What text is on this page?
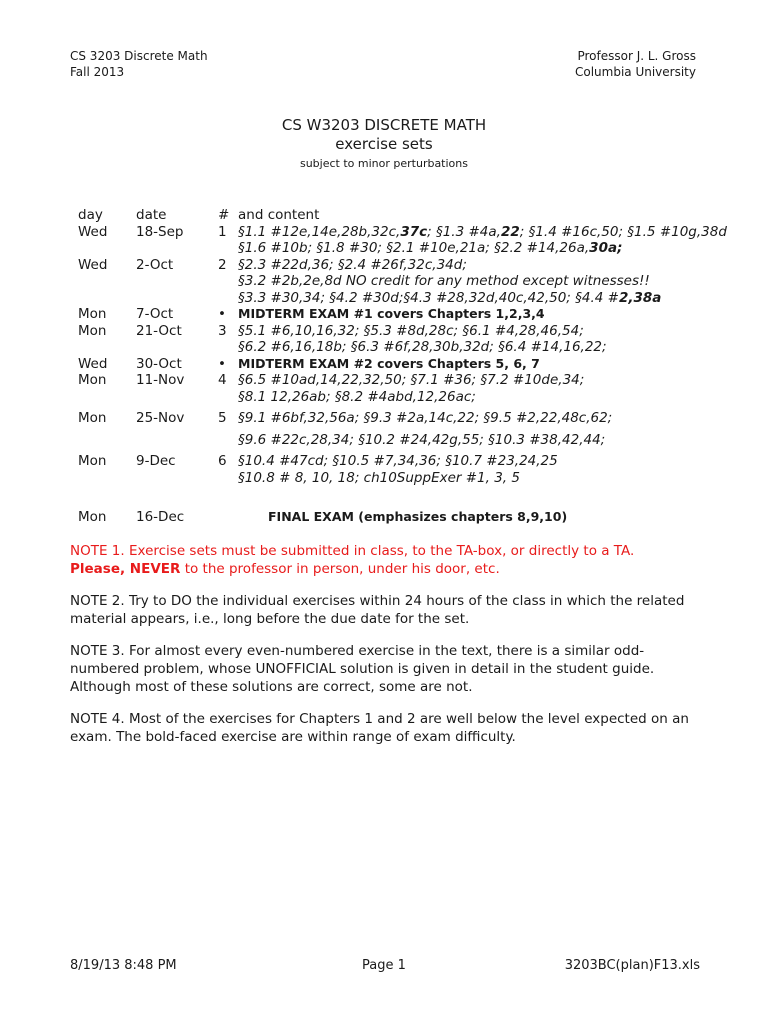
CS 3203 Discrete Math
Fall 2013
Professor J. L. Gross
Columbia University
CS W3203 DISCRETE MATH
exercise sets
subject to minor perturbations
day	date	# and content
Wed	18-Sep	1 §1.1 #12e,14e,28b,32c,37c; §1.3 #4a,22; §1.4 #16c,50; §1.5 #10g,38d
§1.6 #10b; §1.8 #30; §2.1 #10e,21a; §2.2 #14,26a,30a;
Wed	2-Oct	2 §2.3 #22d,36; §2.4 #26f,32c,34d;
§3.2 #2b,2e,8d NO credit for any method except witnesses!!
§3.3 #30,34; §4.2 #30d;§4.3 #28,32d,40c,42,50; §4.4 #2,38a
Mon	7-Oct	• MIDTERM EXAM #1 covers Chapters 1,2,3,4
Mon	21-Oct	3 §5.1 #6,10,16,32; §5.3 #8d,28c; §6.1 #4,28,46,54;
§6.2 #6,16,18b; §6.3 #6f,28,30b,32d; §6.4 #14,16,22;
Wed	30-Oct	• MIDTERM EXAM #2 covers Chapters 5, 6, 7
Mon	11-Nov	4 §6.5 #10ad,14,22,32,50; §7.1 #36; §7.2 #10de,34;
§8.1 12,26ab; §8.2 #4abd,12,26ac;
Mon	25-Nov	5 §9.1 #6bf,32,56a; §9.3 #2a,14c,22; §9.5 #2,22,48c,62;
§9.6 #22c,28,34; §10.2 #24,42g,55; §10.3 #38,42,44;
Mon	9-Dec	6 §10.4 #47cd; §10.5 #7,34,36; §10.7 #23,24,25
§10.8 # 8, 10, 18; ch10SuppExer #1, 3, 5
Mon	16-Dec	FINAL EXAM (emphasizes chapters 8,9,10)
NOTE 1. Exercise sets must be submitted in class, to the TA-box, or directly to a TA.
Please, NEVER to the professor in person, under his door, etc.
NOTE 2. Try to DO the individual exercises within 24 hours of the class in which the related material appears, i.e., long before the due date for the set.
NOTE 3. For almost every even-numbered exercise in the text, there is a similar odd-numbered problem, whose UNOFFICIAL solution is given in detail in the student guide. Although most of these solutions are correct, some are not.
NOTE 4. Most of the exercises for Chapters 1 and 2 are well below the level expected on an exam. The bold-faced exercise are within range of exam difficulty.
8/19/13 8:48 PM	Page 1	3203BC(plan)F13.xls
